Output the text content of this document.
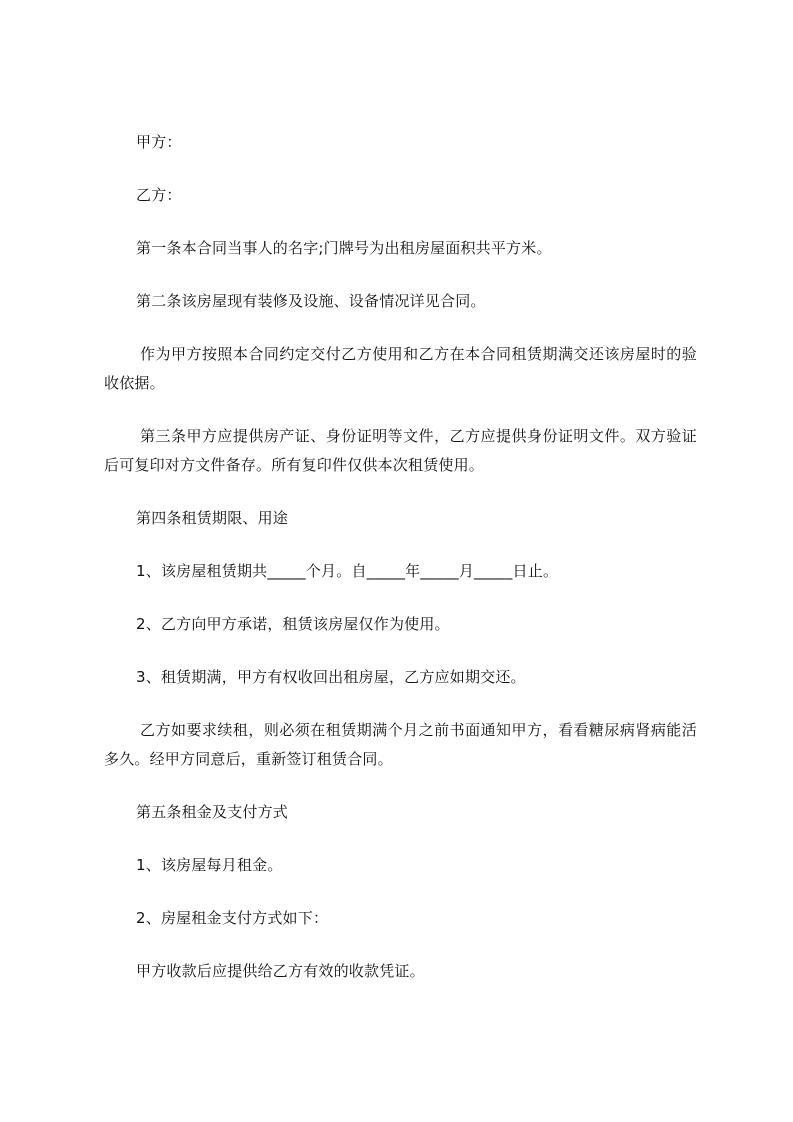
甲方：

乙方：

第一条本合同当事人的名字;门牌号为出租房屋面积共平方米。

第二条该房屋现有装修及设施、设备情况详见合同。

作为甲方按照本合同约定交付乙方使用和乙方在本合同租赁期满交还该房屋时的验收依据。

第三条甲方应提供房产证、身份证明等文件，乙方应提供身份证明文件。双方验证后可复印对方文件备存。所有复印件仅供本次租赁使用。

第四条租赁期限、用途

1、该房屋租赁期共_____个月。自_____年_____月_____日止。

2、乙方向甲方承诺，租赁该房屋仅作为使用。

3、租赁期满，甲方有权收回出租房屋，乙方应如期交还。

乙方如要求续租，则必须在租赁期满个月之前书面通知甲方，看看糖尿病肾病能活多久。经甲方同意后，重新签订租赁合同。

第五条租金及支付方式

1、该房屋每月租金。

2、房屋租金支付方式如下：

甲方收款后应提供给乙方有效的收款凭证。
